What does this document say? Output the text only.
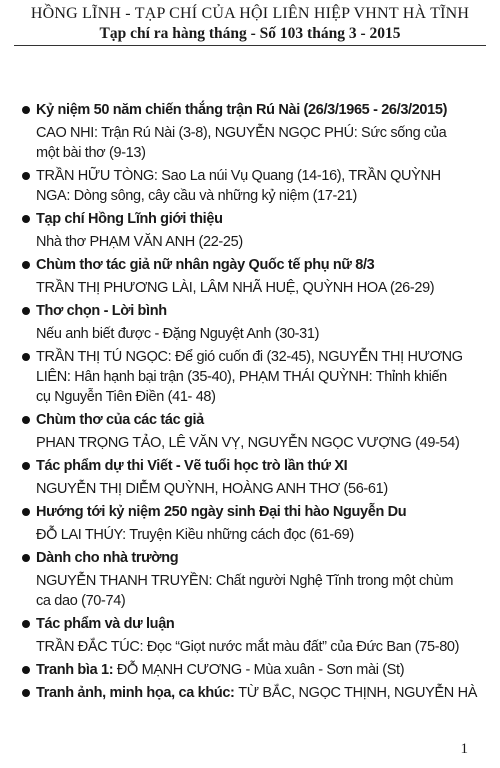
HỒNG LĨNH - TẠP CHÍ CỦA HỘI LIÊN HIỆP VHNT HÀ TĨNH
Tạp chí ra hàng tháng - Số 103 tháng 3 - 2015
Kỷ niệm 50 năm chiến thắng trận Rú Nài (26/3/1965 - 26/3/2015)
CAO NHI: Trận Rú Nài (3-8), NGUYỄN NGỌC PHÚ: Sức sống của
một bài thơ (9-13)
TRẦN HỮU TÒNG: Sao La núi Vụ Quang (14-16), TRẦN QUỲNH
NGA: Dòng sông, cây cầu và những kỷ niệm (17-21)
Tạp chí Hồng Lĩnh giới thiệu
Nhà thơ PHẠM VĂN ANH (22-25)
Chùm thơ tác giả nữ nhân ngày Quốc tế phụ nữ 8/3
TRẦN THỊ PHƯƠNG LÀI, LÂM NHÃ HUỆ, QUỲNH HOA (26-29)
Thơ chọn - Lời bình
Nếu anh biết được - Đặng Nguyệt Anh (30-31)
TRẦN THỊ TÚ NGỌC: Để gió cuốn đi (32-45), NGUYỄN THỊ HƯƠNG
LIÊN: Hân hạnh bại trận (35-40), PHẠM THÁI QUỲNH: Thỉnh khiến
cụ Nguyễn Tiên Điền (41- 48)
Chùm thơ của các tác giả
PHAN TRỌNG TẢO, LÊ VĂN VỴ, NGUYỄN NGỌC VƯỢNG (49-54)
Tác phẩm dự thi Viết - Vẽ tuổi học trò lần thứ XI
NGUYỄN THỊ DIỄM QUỲNH, HOÀNG ANH THƠ (56-61)
Hướng tới kỷ niệm 250 ngày sinh Đại thi hào Nguyễn Du
ĐỖ LAI THÚY: Truyện Kiều những cách đọc (61-69)
Dành cho nhà trường
NGUYỄN THANH TRUYỀN: Chất người Nghệ Tĩnh trong một chùm
ca dao (70-74)
Tác phẩm và dư luận
TRẦN ĐẮC TÚC: Đọc “Giọt nước mắt màu đất” của Đức Ban (75-80)
Tranh bìa 1: ĐỖ MẠNH CƯƠNG - Mùa xuân - Sơn mài (St)
Tranh ảnh, minh họa, ca khúc: TỪ BẮC, NGỌC THỊNH, NGUYỄN HÀ
1
